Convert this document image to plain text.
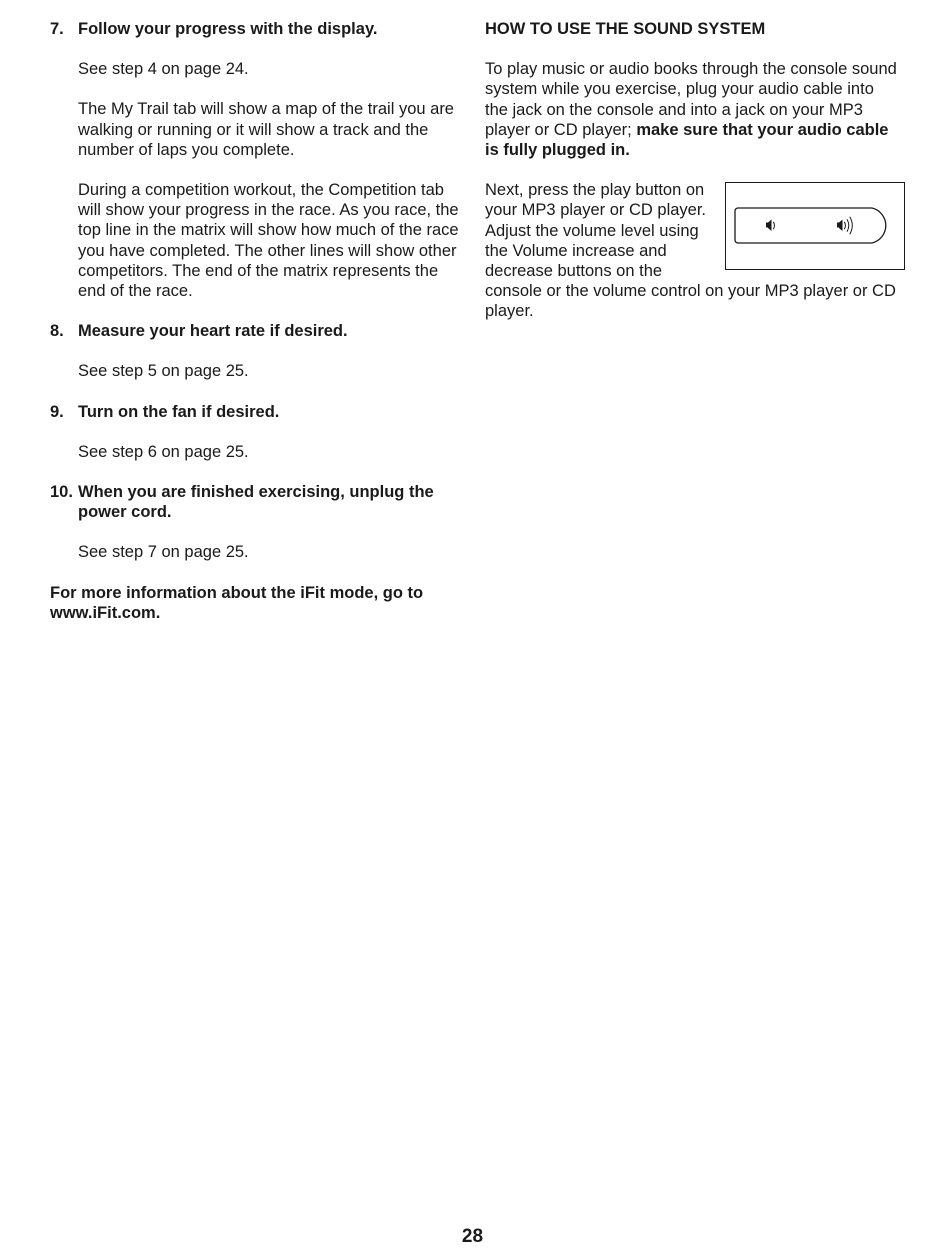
7. Follow your progress with the display.

See step 4 on page 24.

The My Trail tab will show a map of the trail you are walking or running or it will show a track and the number of laps you complete.

During a competition workout, the Competition tab will show your progress in the race. As you race, the top line in the matrix will show how much of the race you have completed. The other lines will show other competitors. The end of the matrix represents the end of the race.

8. Measure your heart rate if desired.

See step 5 on page 25.

9. Turn on the fan if desired.

See step 6 on page 25.

10. When you are finished exercising, unplug the power cord.

See step 7 on page 25.

For more information about the iFit mode, go to www.iFit.com.

HOW TO USE THE SOUND SYSTEM

To play music or audio books through the console sound system while you exercise, plug your audio cable into the jack on the console and into a jack on your MP3 player or CD player; make sure that your audio cable is fully plugged in.

Next, press the play button on your MP3 player or CD player. Adjust the volume level using the Volume increase and decrease buttons on the console or the volume control on your MP3 player or CD player.
28
